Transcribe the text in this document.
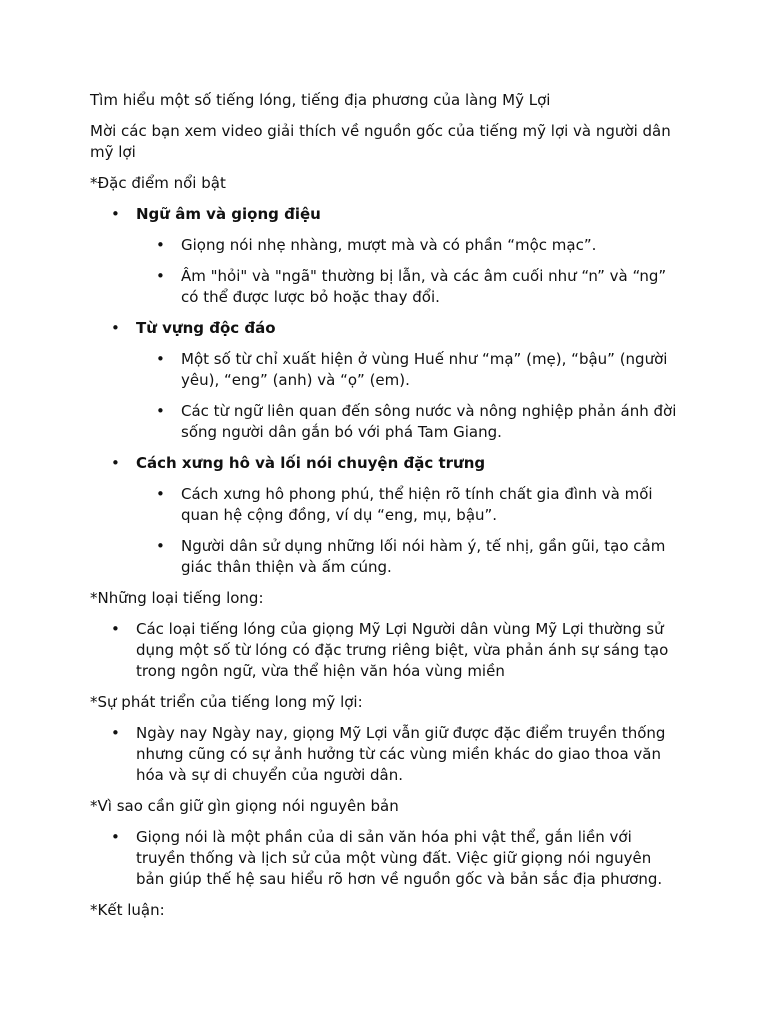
Tìm hiểu một số tiếng lóng, tiếng địa phương của làng Mỹ Lợi

Mời các bạn xem video giải thích về nguồn gốc của tiếng mỹ lợi và người dân mỹ lợi

*Đặc điểm nổi bật

• Ngữ âm và giọng điệu
• Giọng nói nhẹ nhàng, mượt mà và có phần “mộc mạc”.
• Âm "hỏi" và "ngã" thường bị lẫn, và các âm cuối như “n” và “ng” có thể được lược bỏ hoặc thay đổi.
• Từ vựng độc đáo
• Một số từ chỉ xuất hiện ở vùng Huế như “mạ” (mẹ), “bậu” (người yêu), “eng” (anh) và “ọ” (em).
• Các từ ngữ liên quan đến sông nước và nông nghiệp phản ánh đời sống người dân gắn bó với phá Tam Giang.
• Cách xưng hô và lối nói chuyện đặc trưng
• Cách xưng hô phong phú, thể hiện rõ tính chất gia đình và mối quan hệ cộng đồng, ví dụ “eng, mụ, bậu”.
• Người dân sử dụng những lối nói hàm ý, tế nhị, gần gũi, tạo cảm giác thân thiện và ấm cúng.

*Những loại tiếng long:

• Các loại tiếng lóng của giọng Mỹ Lợi Người dân vùng Mỹ Lợi thường sử dụng một số từ lóng có đặc trưng riêng biệt, vừa phản ánh sự sáng tạo trong ngôn ngữ, vừa thể hiện văn hóa vùng miền

*Sự phát triển của tiếng long mỹ lợi:

• Ngày nay Ngày nay, giọng Mỹ Lợi vẫn giữ được đặc điểm truyền thống nhưng cũng có sự ảnh hưởng từ các vùng miền khác do giao thoa văn hóa và sự di chuyển của người dân.

*Vì sao cần giữ gìn giọng nói nguyên bản

• Giọng nói là một phần của di sản văn hóa phi vật thể, gắn liền với truyền thống và lịch sử của một vùng đất. Việc giữ giọng nói nguyên bản giúp thế hệ sau hiểu rõ hơn về nguồn gốc và bản sắc địa phương.

*Kết luận:
